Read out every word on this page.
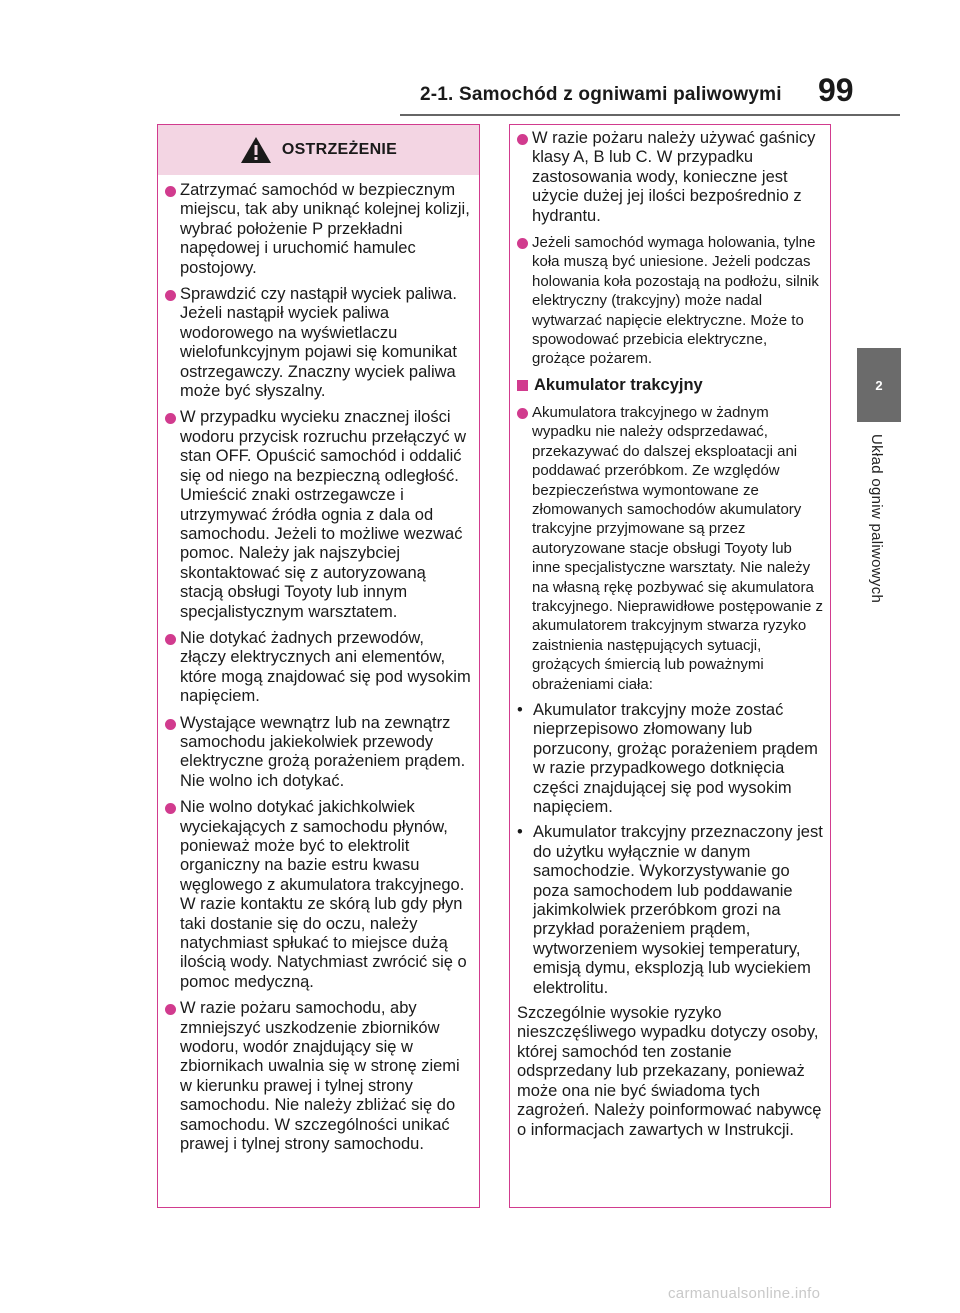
2-1. Samochód z ogniwami paliwowymi 99
2
Układ ogniw paliwowych
OSTRZEŻENIE
Zatrzymać samochód w bezpiecznym miejscu, tak aby uniknąć kolejnej kolizji, wybrać położenie P przekładni napędowej i uruchomić hamulec postojowy.
Sprawdzić czy nastąpił wyciek paliwa. Jeżeli nastąpił wyciek paliwa wodorowego na wyświetlaczu wielofunkcyjnym pojawi się komunikat ostrzegawczy. Znaczny wyciek paliwa może być słyszalny.
W przypadku wycieku znacznej ilości wodoru przycisk rozruchu przełączyć w stan OFF. Opuścić samochód i oddalić się od niego na bezpieczną odległość. Umieścić znaki ostrzegawcze i utrzymywać źródła ognia z dala od samochodu. Jeżeli to możliwe wezwać pomoc. Należy jak najszybciej skontaktować się z autoryzowaną stacją obsługi Toyoty lub innym specjalistycznym warsztatem.
Nie dotykać żadnych przewodów, złączy elektrycznych ani elementów, które mogą znajdować się pod wysokim napięciem.
Wystające wewnątrz lub na zewnątrz samochodu jakiekolwiek przewody elektryczne grożą porażeniem prądem. Nie wolno ich dotykać.
Nie wolno dotykać jakichkolwiek wyciekających z samochodu płynów, ponieważ może być to elektrolit organiczny na bazie estru kwasu węglowego z akumulatora trakcyjnego. W razie kontaktu ze skórą lub gdy płyn taki dostanie się do oczu, należy natychmiast spłukać to miejsce dużą ilością wody. Natychmiast zwrócić się o pomoc medyczną.
W razie pożaru samochodu, aby zmniejszyć uszkodzenie zbiorników wodoru, wodór znajdujący się w zbiornikach uwalnia się w stronę ziemi w kierunku prawej i tylnej strony samochodu. Nie należy zbliżać się do samochodu. W szczególności unikać prawej i tylnej strony samochodu.
W razie pożaru należy używać gaśnicy klasy A, B lub C. W przypadku zastosowania wody, konieczne jest użycie dużej jej ilości bezpośrednio z hydrantu.
Jeżeli samochód wymaga holowania, tylne koła muszą być uniesione. Jeżeli podczas holowania koła pozostają na podłożu, silnik elektryczny (trakcyjny) może nadal wytwarzać napięcie elektryczne. Może to spowodować przebicia elektryczne, grożące pożarem.
Akumulator trakcyjny
Akumulatora trakcyjnego w żadnym wypadku nie należy odsprzedawać, przekazywać do dalszej eksploatacji ani poddawać przeróbkom. Ze względów bezpieczeństwa wymontowane ze złomowanych samochodów akumulatory trakcyjne przyjmowane są przez autoryzowane stacje obsługi Toyoty lub inne specjalistyczne warsztaty. Nie należy na własną rękę pozbywać się akumulatora trakcyjnego. Nieprawidłowe postępowanie z akumulatorem trakcyjnym stwarza ryzyko zaistnienia następujących sytuacji, grożących śmiercią lub poważnymi obrażeniami ciała:
• Akumulator trakcyjny może zostać nieprzepisowo złomowany lub porzucony, grożąc porażeniem prądem w razie przypadkowego dotknięcia części znajdującej się pod wysokim napięciem.
• Akumulator trakcyjny przeznaczony jest do użytku wyłącznie w danym samochodzie. Wykorzystywanie go poza samochodem lub poddawanie jakimkolwiek przeróbkom grozi na przykład porażeniem prądem, wytworzeniem wysokiej temperatury, emisją dymu, eksplozją lub wyciekiem elektrolitu.
Szczególnie wysokie ryzyko nieszczęśliwego wypadku dotyczy osoby, której samochód ten zostanie odsprzedany lub przekazany, ponieważ może ona nie być świadoma tych zagrożeń. Należy poinformować nabywcę o informacjach zawartych w Instrukcji.
carmanualsonline.info
